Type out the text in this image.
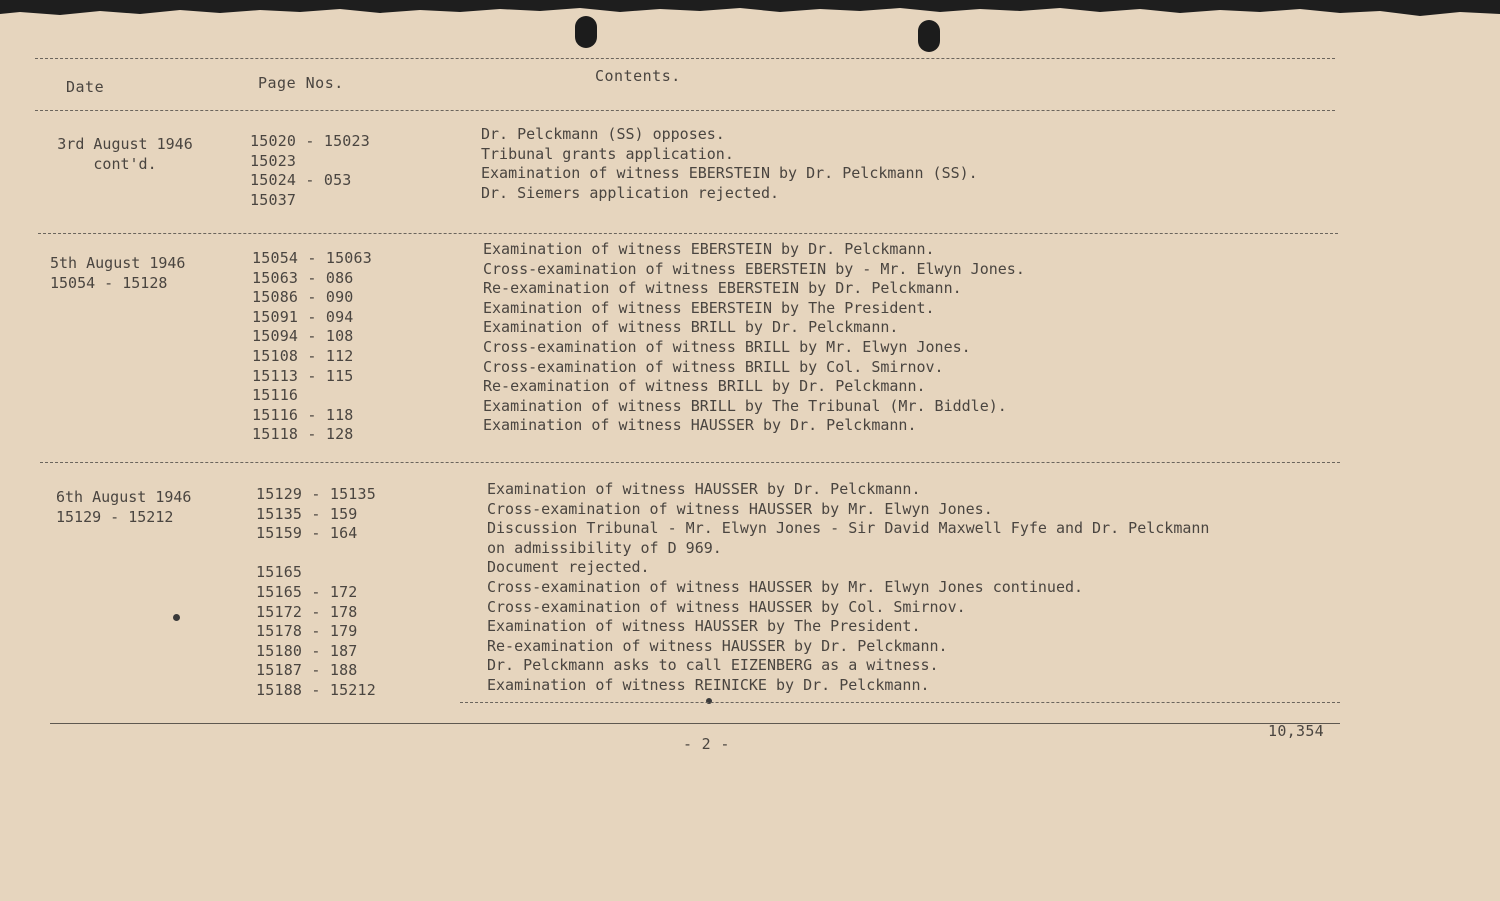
Date	Page Nos.	Contents.
3rd August 1946
cont'd.
15020 - 15023
15023
15024 - 053
15037
Dr. Pelckmann (SS) opposes.
Tribunal grants application.
Examination of witness EBERSTEIN by Dr. Pelckmann (SS).
Dr. Siemers application rejected.
5th August 1946
15054 - 15128
15054 - 15063
15063 - 086
15086 - 090
15091 - 094
15094 - 108
15108 - 112
15113 - 115
15116
15116 - 118
15118 - 128
Examination of witness EBERSTEIN by Dr. Pelckmann.
Cross-examination of witness EBERSTEIN by - Mr. Elwyn Jones.
Re-examination of witness EBERSTEIN by Dr. Pelckmann.
Examination of witness EBERSTEIN by The President.
Examination of witness BRILL by Dr. Pelckmann.
Cross-examination of witness BRILL by Mr. Elwyn Jones.
Cross-examination of witness BRILL by Col. Smirnov.
Re-examination of witness BRILL by Dr. Pelckmann.
Examination of witness BRILL by The Tribunal (Mr. Biddle).
Examination of witness HAUSSER by Dr. Pelckmann.
6th August 1946
15129 - 15212
15129 - 15135
15135 - 159
15159 - 164
15165
15165 - 172
15172 - 178
15178 - 179
15180 - 187
15187 - 188
15188 - 15212
Examination of witness HAUSSER by Dr. Pelckmann.
Cross-examination of witness HAUSSER by Mr. Elwyn Jones.
Discussion Tribunal - Mr. Elwyn Jones - Sir David Maxwell Fyfe and Dr. Pelckmann
on admissibility of D 969.
Document rejected.
Cross-examination of witness HAUSSER by Mr. Elwyn Jones continued.
Cross-examination of witness HAUSSER by Col. Smirnov.
Examination of witness HAUSSER by The President.
Re-examination of witness HAUSSER by Dr. Pelckmann.
Dr. Pelckmann asks to call EIZENBERG as a witness.
Examination of witness REINICKE by Dr. Pelckmann.
- 2 -
10,354
